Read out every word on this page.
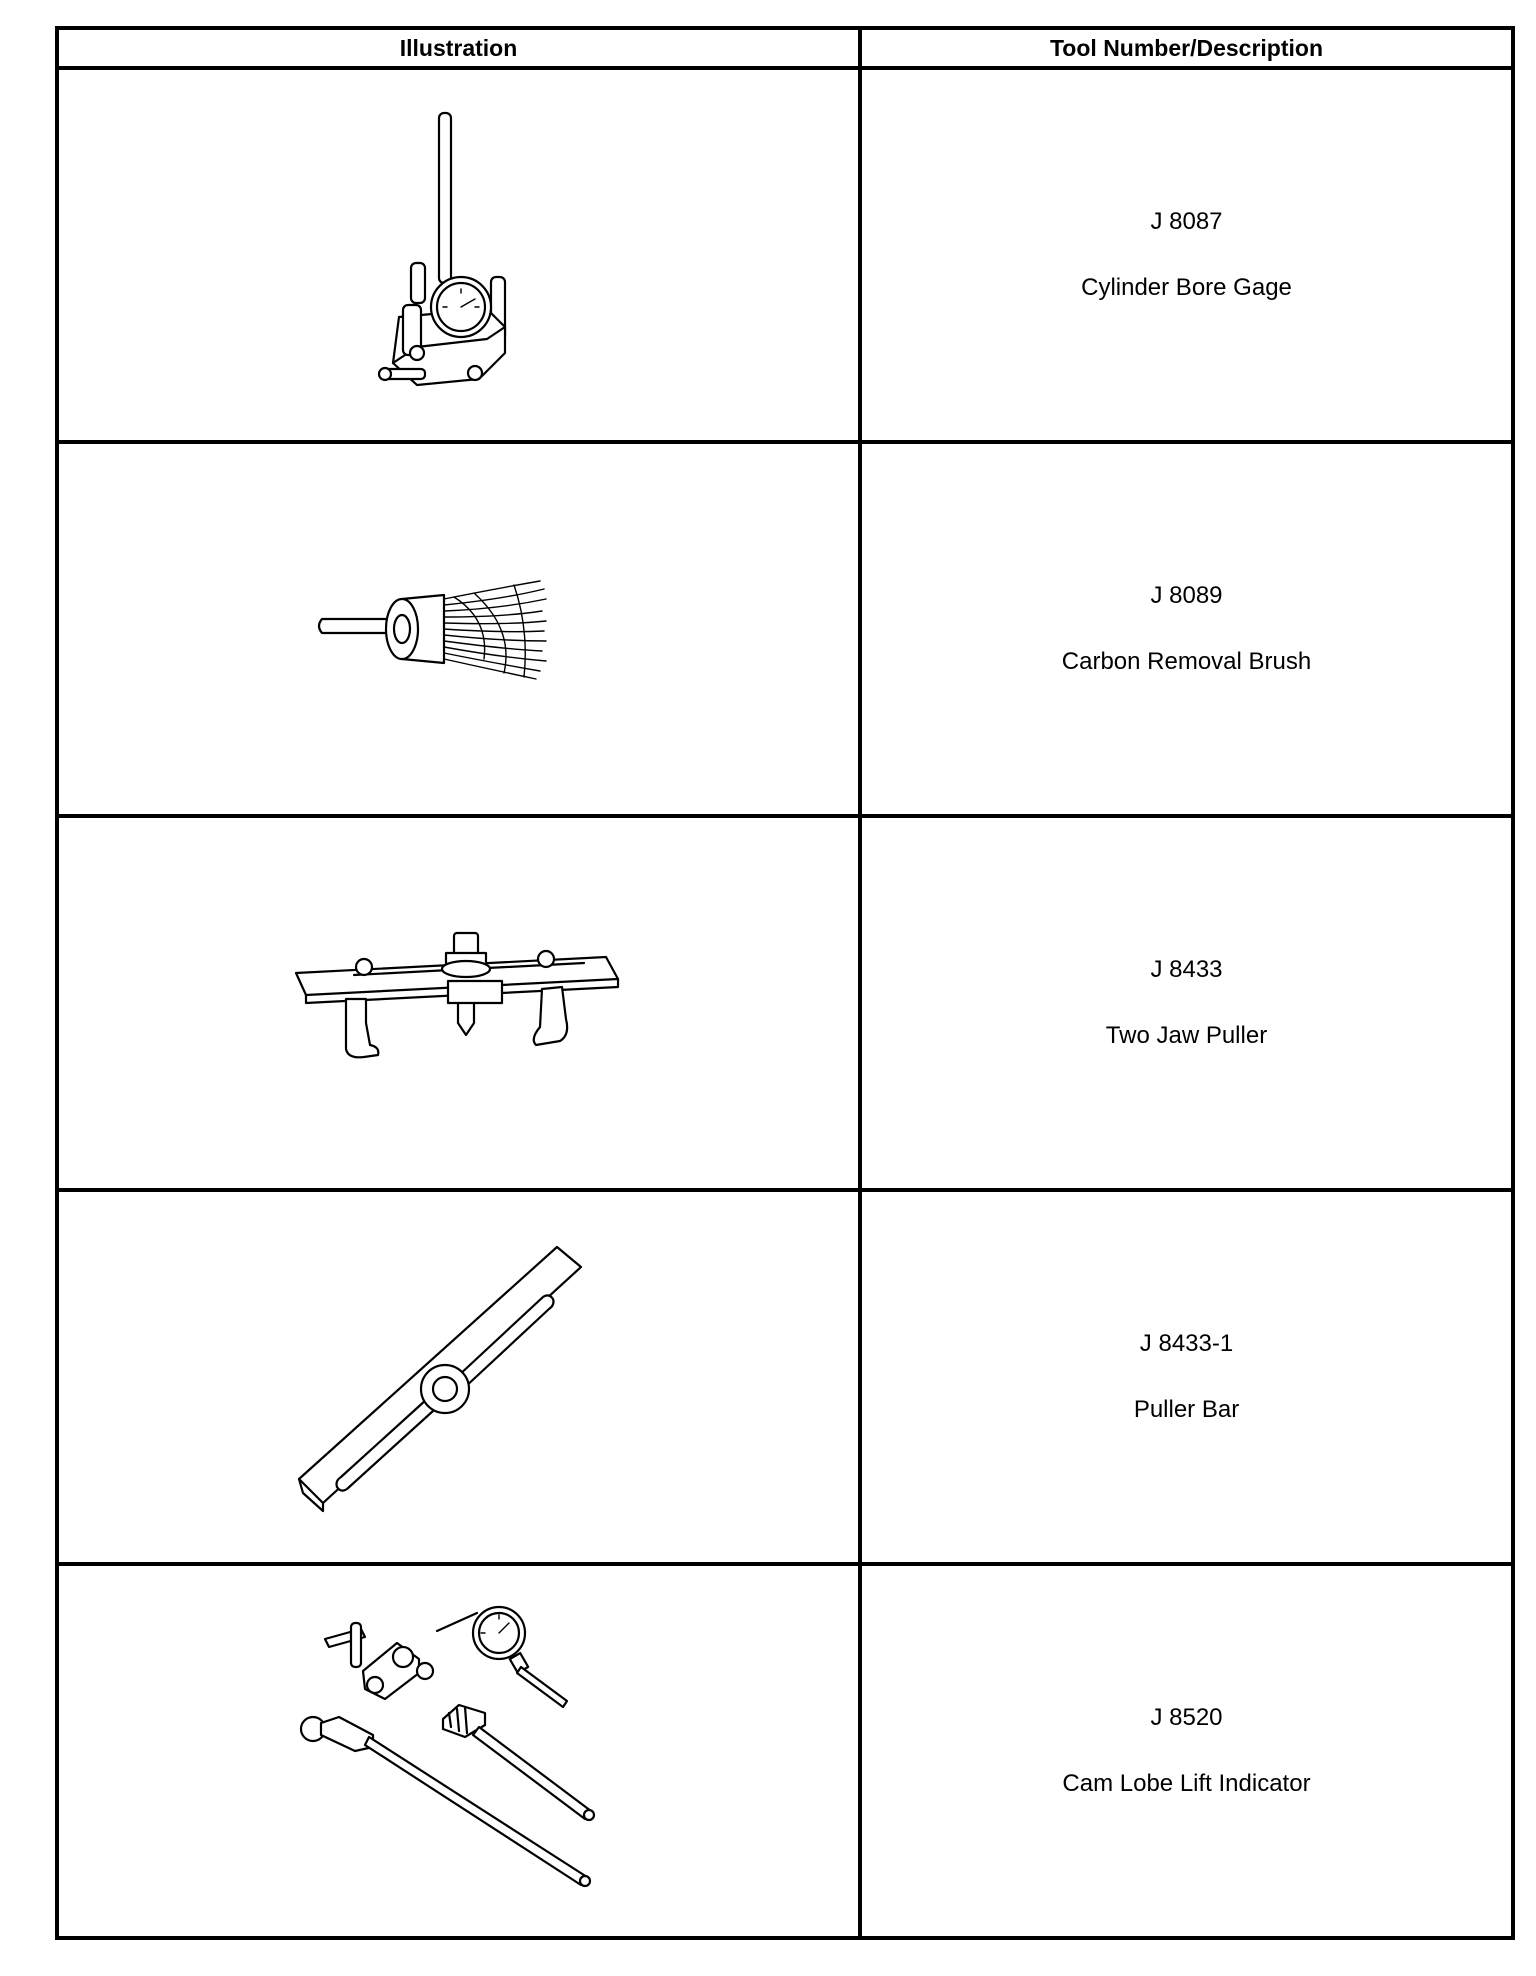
Illustration	Tool Number/Description

J 8087
Cylinder Bore Gage

J 8089
Carbon Removal Brush

J 8433
Two Jaw Puller

J 8433-1
Puller Bar

J 8520
Cam Lobe Lift Indicator
